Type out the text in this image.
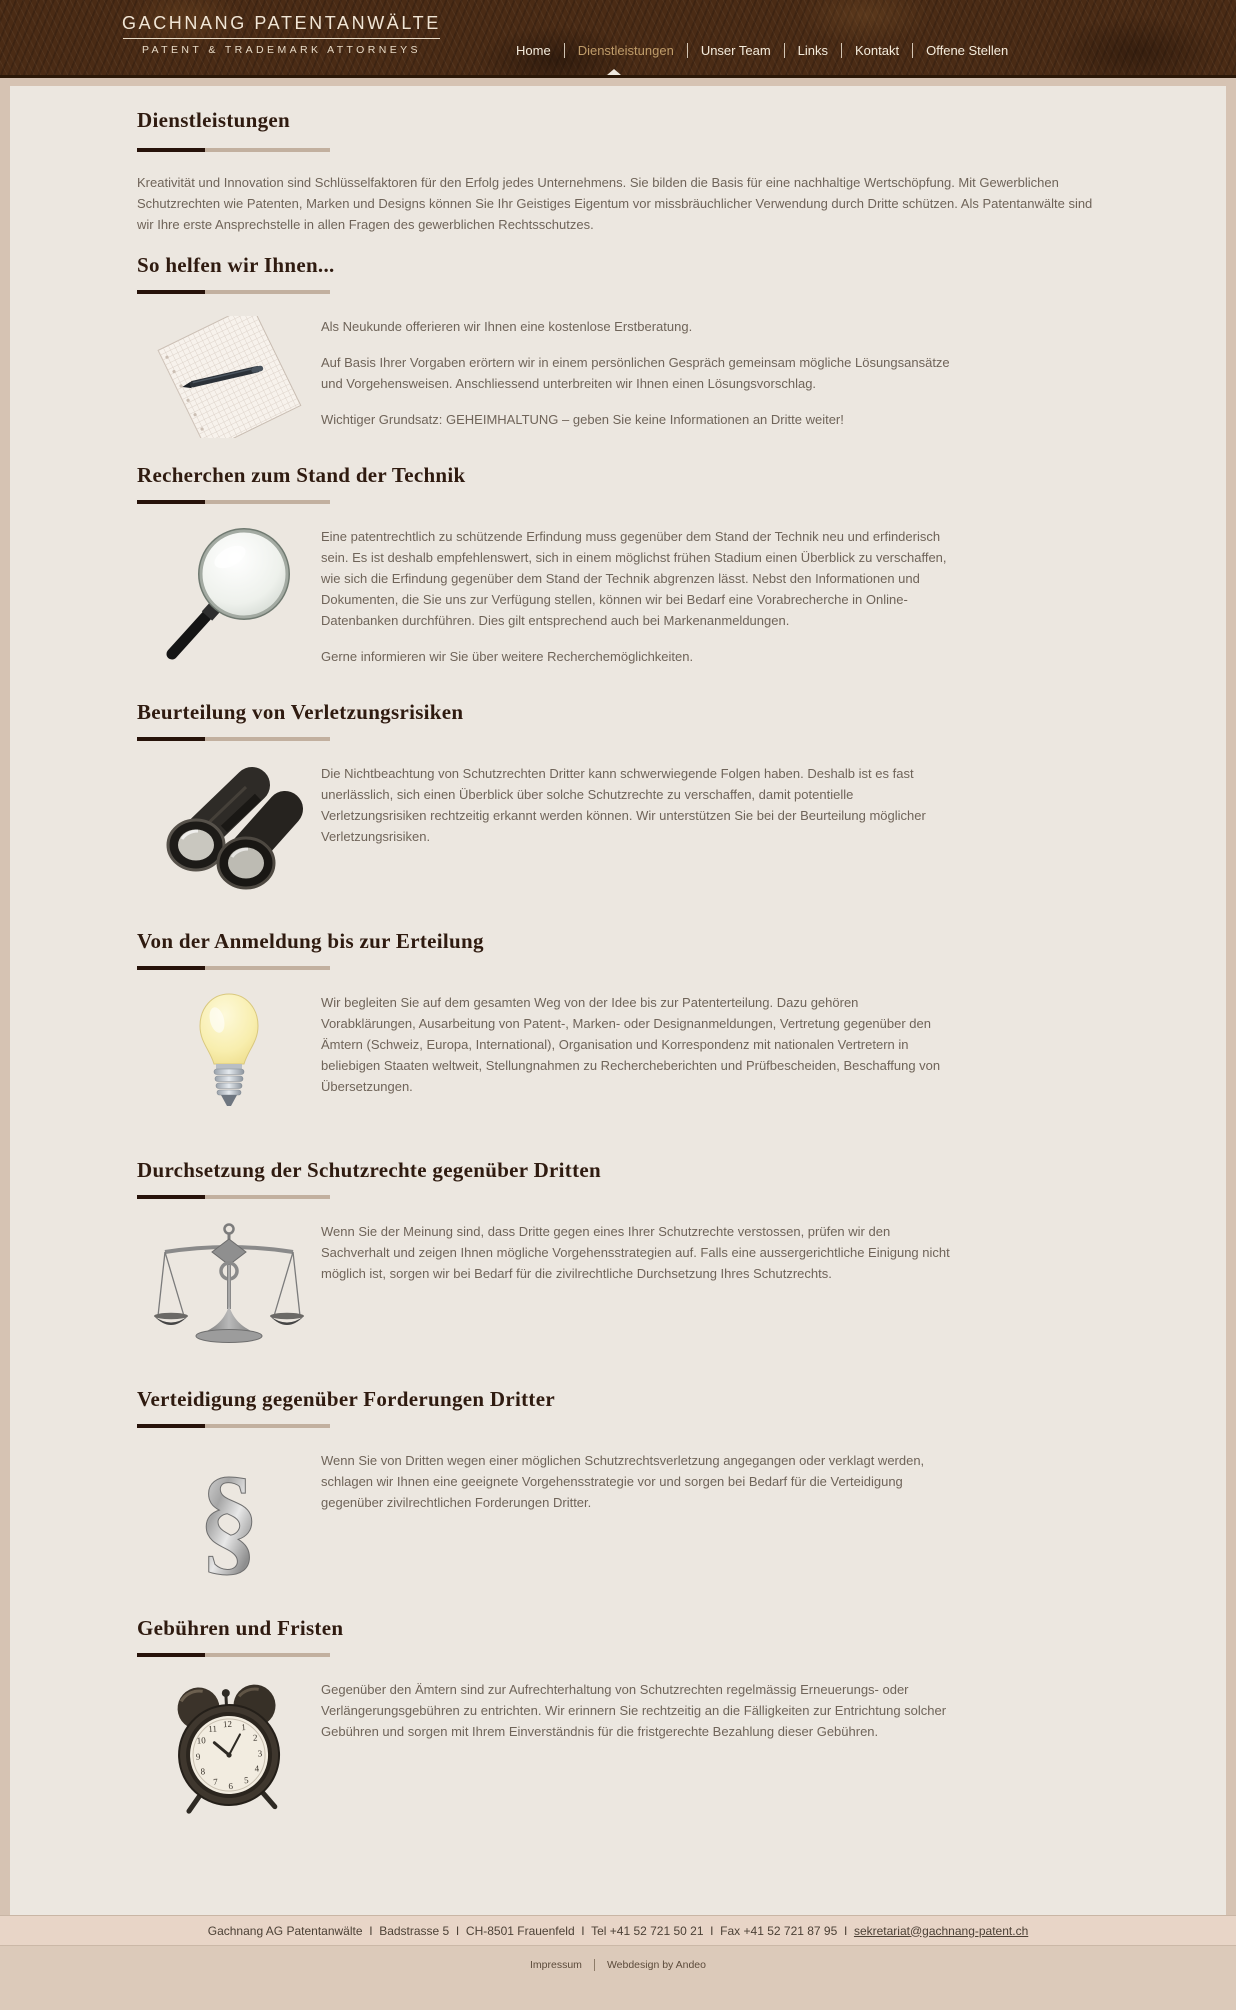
GACHNANG PATENTANWÄLTE
PATENT & TRADEMARK ATTORNEYS	Home	Dienstleistungen	Unser Team	Links	Kontakt	Offene Stellen
Dienstleistungen

Kreativität und Innovation sind Schlüsselfaktoren für den Erfolg jedes Unternehmens. Sie bilden die Basis für eine nachhaltige Wertschöpfung. Mit Gewerblichen Schutzrechten wie Patenten, Marken und Designs können Sie Ihr Geistiges Eigentum vor missbräuchlicher Verwendung durch Dritte schützen. Als Patentanwälte sind wir Ihre erste Ansprechstelle in allen Fragen des gewerblichen Rechtsschutzes.

So helfen wir Ihnen...

Als Neukunde offerieren wir Ihnen eine kostenlose Erstberatung.

Auf Basis Ihrer Vorgaben erörtern wir in einem persönlichen Gespräch gemeinsam mögliche Lösungsansätze und Vorgehensweisen. Anschliessend unterbreiten wir Ihnen einen Lösungsvorschlag.

Wichtiger Grundsatz: GEHEIMHALTUNG – geben Sie keine Informationen an Dritte weiter!

Recherchen zum Stand der Technik

Eine patentrechtlich zu schützende Erfindung muss gegenüber dem Stand der Technik neu und erfinderisch sein. Es ist deshalb empfehlenswert, sich in einem möglichst frühen Stadium einen Überblick zu verschaffen, wie sich die Erfindung gegenüber dem Stand der Technik abgrenzen lässt. Nebst den Informationen und Dokumenten, die Sie uns zur Verfügung stellen, können wir bei Bedarf eine Vorabrecherche in Online-Datenbanken durchführen. Dies gilt entsprechend auch bei Markenanmeldungen.

Gerne informieren wir Sie über weitere Recherchemöglichkeiten.

Beurteilung von Verletzungsrisiken

Die Nichtbeachtung von Schutzrechten Dritter kann schwerwiegende Folgen haben. Deshalb ist es fast unerlässlich, sich einen Überblick über solche Schutzrechte zu verschaffen, damit potentielle Verletzungsrisiken rechtzeitig erkannt werden können. Wir unterstützen Sie bei der Beurteilung möglicher Verletzungsrisiken.

Von der Anmeldung bis zur Erteilung

Wir begleiten Sie auf dem gesamten Weg von der Idee bis zur Patenterteilung. Dazu gehören Vorabklärungen, Ausarbeitung von Patent-, Marken- oder Designanmeldungen, Vertretung gegenüber den Ämtern (Schweiz, Europa, International), Organisation und Korrespondenz mit nationalen Vertretern in beliebigen Staaten weltweit, Stellungnahmen zu Rechercheberichten und Prüfbescheiden, Beschaffung von Übersetzungen.

Durchsetzung der Schutzrechte gegenüber Dritten

Wenn Sie der Meinung sind, dass Dritte gegen eines Ihrer Schutzrechte verstossen, prüfen wir den Sachverhalt und zeigen Ihnen mögliche Vorgehensstrategien auf. Falls eine aussergerichtliche Einigung nicht möglich ist, sorgen wir bei Bedarf für die zivilrechtliche Durchsetzung Ihres Schutzrechts.

Verteidigung gegenüber Forderungen Dritter
§	Wenn Sie von Dritten wegen einer möglichen Schutzrechtsverletzung angegangen oder verklagt werden, schlagen wir Ihnen eine geeignete Vorgehensstrategie vor und sorgen bei Bedarf für die Verteidigung gegenüber zivilrechtlichen Forderungen Dritter.

Gebühren und Fristen
12 1
2
3
4
5
6
7
8
9
10
11

Gegenüber den Ämtern sind zur Aufrechterhaltung von Schutzrechten regelmässig Erneuerungs- oder Verlängerungsgebühren zu entrichten. Wir erinnern Sie rechtzeitig an die Fälligkeiten zur Entrichtung solcher Gebühren und sorgen mit Ihrem Einverständnis für die fristgerechte Bezahlung dieser Gebühren.

Gachnang AG Patentanwälte  I  Badstrasse 5  I  CH-8501 Frauenfeld  I  Tel +41 52 721 50 21  I  Fax +41 52 721 87 95  I sekretariat@gachnang-patent.ch
Impressum	Webdesign by Andeo
